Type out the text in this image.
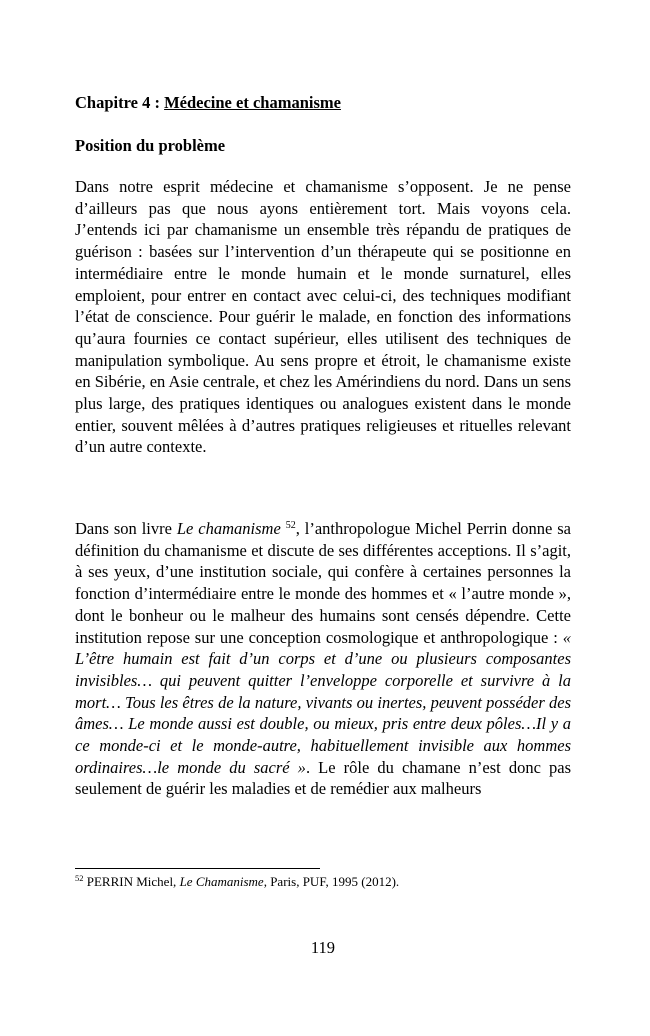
Chapitre 4 : Médecine et chamanisme
Position du problème

Dans notre esprit médecine et chamanisme s’opposent. Je ne pense d’ailleurs pas que nous ayons entièrement tort. Mais voyons cela. J’entends ici par chamanisme un ensemble très répandu de pratiques de guérison : basées sur l’intervention d’un thérapeute qui se positionne en intermédiaire entre le monde humain et le monde surnaturel, elles emploient, pour entrer en contact avec celui-ci, des techniques modifiant l’état de conscience. Pour guérir le malade, en fonction des informations qu’aura fournies ce contact supérieur, elles utilisent des techniques de manipulation symbolique. Au sens propre et étroit, le chamanisme existe en Sibérie, en Asie centrale, et chez les Amérindiens du nord. Dans un sens plus large, des pratiques identiques ou analogues existent dans le monde entier, souvent mêlées à d’autres pratiques religieuses et rituelles relevant d’un autre contexte.

Dans son livre Le chamanisme $^{52}$, l’anthropologue Michel Perrin donne sa définition du chamanisme et discute de ses différentes acceptions. Il s’agit, à ses yeux, d’une institution sociale, qui confère à certaines personnes la fonction d’intermédiaire entre le monde des hommes et « l’autre monde », dont le bonheur ou le malheur des humains sont censés dépendre. Cette institution repose sur une conception cosmologique et anthropologique : « L’être humain est fait d’un corps et d’une ou plusieurs composantes invisibles… qui peuvent quitter l’enveloppe corporelle et survivre à la mort… Tous les êtres de la nature, vivants ou inertes, peuvent posséder des âmes… Le monde aussi est double, ou mieux, pris entre deux pôles…Il y a ce monde-ci et le monde-autre, habituellement invisible aux hommes ordinaires…le monde du sacré ». Le rôle du chamane n’est donc pas seulement de guérir les maladies et de remédier aux malheurs

$^{52}$ PERRIN Michel, Le Chamanisme, Paris, PUF, 1995 (2012).

119
